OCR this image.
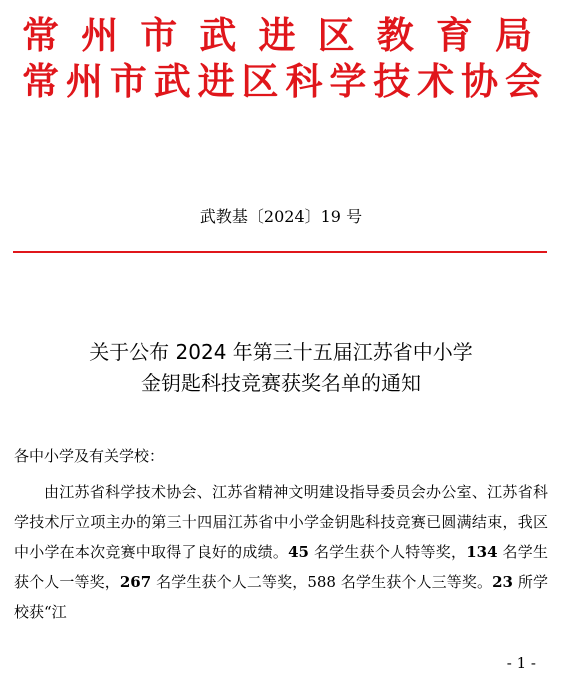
常州市武进区教育局
常州市武进区科学技术协会
武教基〔2024〕19 号
关于公布 2024 年第三十五届江苏省中小学
金钥匙科技竞赛获奖名单的通知
各中小学及有关学校：

由江苏省科学技术协会、江苏省精神文明建设指导委员会办公室、江苏省科学技术厅立项主办的第三十四届江苏省中小学金钥匙科技竞赛已圆满结束，我区中小学在本次竞赛中取得了良好的成绩。45 名学生获个人特等奖，134 名学生获个人一等奖，267 名学生获个人二等奖，588 名学生获个人三等奖。23 所学校获“江

- 1 -
